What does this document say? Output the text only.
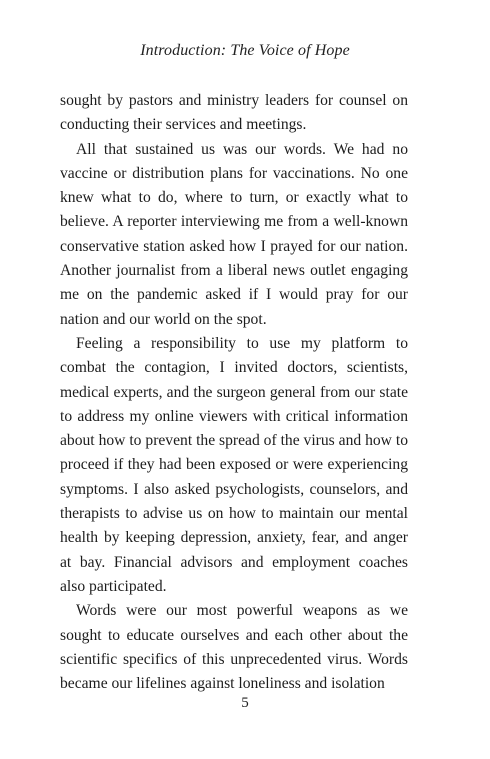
Introduction: The Voice of Hope

sought by pastors and ministry leaders for counsel on conducting their services and meetings.

All that sustained us was our words. We had no vaccine or distribution plans for vaccinations. No one knew what to do, where to turn, or exactly what to believe. A reporter interviewing me from a well-known conservative station asked how I prayed for our nation. Another journalist from a liberal news outlet engaging me on the pandemic asked if I would pray for our nation and our world on the spot.

Feeling a responsibility to use my platform to combat the contagion, I invited doctors, scientists, medical experts, and the surgeon general from our state to address my online viewers with critical information about how to prevent the spread of the virus and how to proceed if they had been exposed or were experiencing symptoms. I also asked psychologists, counselors, and therapists to advise us on how to maintain our mental health by keeping depression, anxiety, fear, and anger at bay. Financial advisors and employment coaches also participated.

Words were our most powerful weapons as we sought to educate ourselves and each other about the scientific specifics of this unprecedented virus. Words became our lifelines against loneliness and isolation

5
